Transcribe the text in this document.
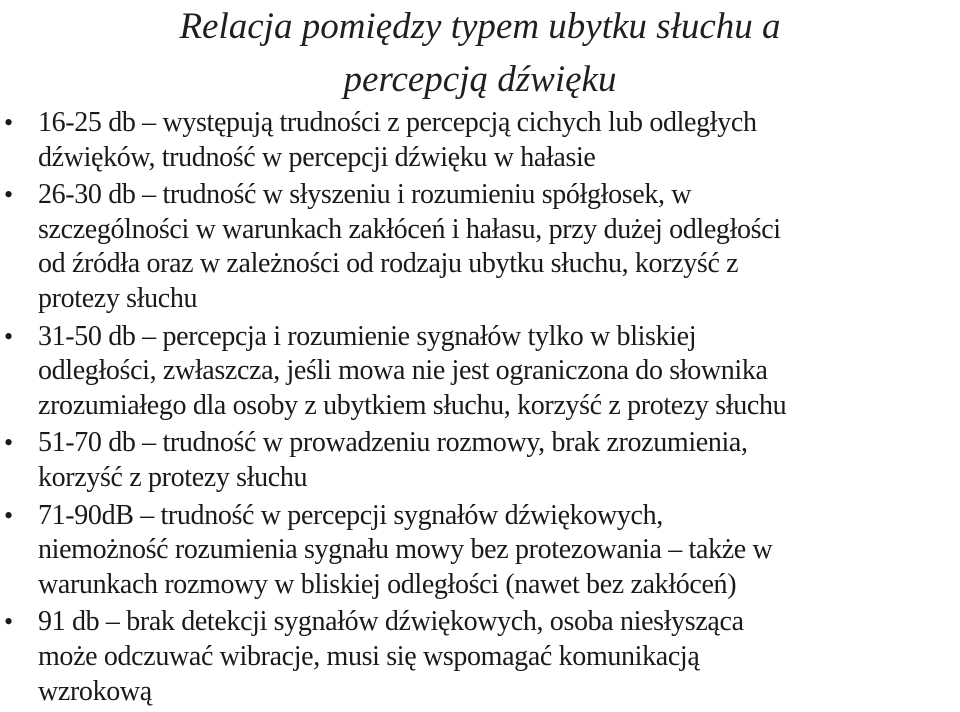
Relacja pomiędzy typem ubytku słuchu a
percepcją dźwięku
• 16-25 db – występują trudności z percepcją cichych lub odległych
dźwięków, trudność w percepcji dźwięku w hałasie
• 26-30 db – trudność w słyszeniu i rozumieniu spółgłosek, w
szczególności w warunkach zakłóceń i hałasu, przy dużej odległości
od źródła oraz w zależności od rodzaju ubytku słuchu, korzyść z
protezy słuchu
• 31-50 db – percepcja i rozumienie sygnałów tylko w bliskiej
odległości, zwłaszcza, jeśli mowa nie jest ograniczona do słownika
zrozumiałego dla osoby z ubytkiem słuchu, korzyść z protezy słuchu
• 51-70 db – trudność w prowadzeniu rozmowy, brak zrozumienia,
korzyść z protezy słuchu
• 71-90dB – trudność w percepcji sygnałów dźwiękowych,
niemożność rozumienia sygnału mowy bez protezowania – także w
warunkach rozmowy w bliskiej odległości (nawet bez zakłóceń)
• 91 db – brak detekcji sygnałów dźwiękowych, osoba niesłysząca
może odczuwać wibracje, musi się wspomagać komunikacją
wzrokową
